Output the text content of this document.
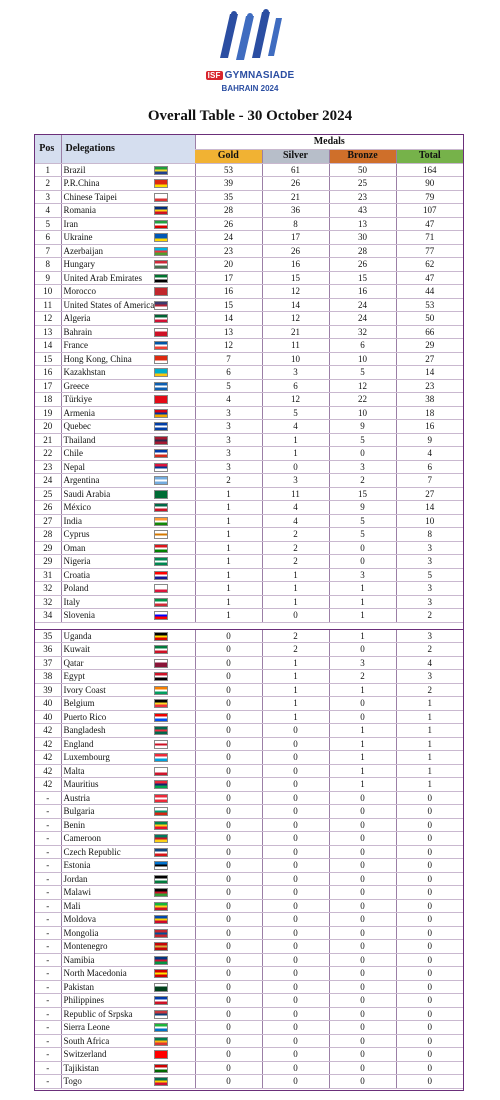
ISF GYMNASIADE
BAHRAIN 2024
Overall Table - 30 October 2024
Pos	Delegations		Medals			
			Gold	Silver	Bronze	Total
1	Brazil		53	61	50	164
2	P.R.China		39	26	25	90
3	Chinese Taipei		35	21	23	79
4	Romania		28	36	43	107
5	Iran		26	8	13	47
6	Ukraine		24	17	30	71
7	Azerbaijan		23	26	28	77
8	Hungary		20	16	26	62
9	United Arab Emirates		17	15	15	47
10	Morocco		16	12	16	44
11	United States of America		15	14	24	53
12	Algeria		14	12	24	50
13	Bahrain		13	21	32	66
14	France		12	11	6	29
15	Hong Kong, China		7	10	10	27
16	Kazakhstan		6	3	5	14
17	Greece		5	6	12	23
18	Türkiye		4	12	22	38
19	Armenia		3	5	10	18
20	Quebec		3	4	9	16
21	Thailand		3	1	5	9
22	Chile		3	1	0	4
23	Nepal		3	0	3	6
24	Argentina		2	3	2	7
25	Saudi Arabia		1	11	15	27
26	México		1	4	9	14
27	India		1	4	5	10
28	Cyprus		1	2	5	8
29	Oman		1	2	0	3
29	Nigeria		1	2	0	3
31	Croatia		1	1	3	5
32	Poland		1	1	1	3
32	Italy		1	1	1	3
34	Slovenia		1	0	1	2

35	Uganda		0	2	1	3
36	Kuwait		0	2	0	2
37	Qatar		0	1	3	4
38	Egypt		0	1	2	3
39	Ivory Coast		0	1	1	2
40	Belgium		0	1	0	1
40	Puerto Rico		0	1	0	1
42	Bangladesh		0	0	1	1
42	England		0	0	1	1
42	Luxembourg		0	0	1	1
42	Malta		0	0	1	1
42	Mauritius		0	0	1	1
-	Austria		0	0	0	0
-	Bulgaria		0	0	0	0
-	Benin		0	0	0	0
-	Cameroon		0	0	0	0
-	Czech Republic		0	0	0	0
-	Estonia		0	0	0	0
-	Jordan		0	0	0	0
-	Malawi		0	0	0	0
-	Mali		0	0	0	0
-	Moldova		0	0	0	0
-	Mongolia		0	0	0	0
-	Montenegro		0	0	0	0
-	Namibia		0	0	0	0
-	North Macedonia		0	0	0	0
-	Pakistan		0	0	0	0
-	Philippines		0	0	0	0
-	Republic of Srpska		0	0	0	0
-	Sierra Leone		0	0	0	0
-	South Africa		0	0	0	0
-	Switzerland		0	0	0	0
-	Tajikistan		0	0	0	0
-	Togo		0	0	0	0
